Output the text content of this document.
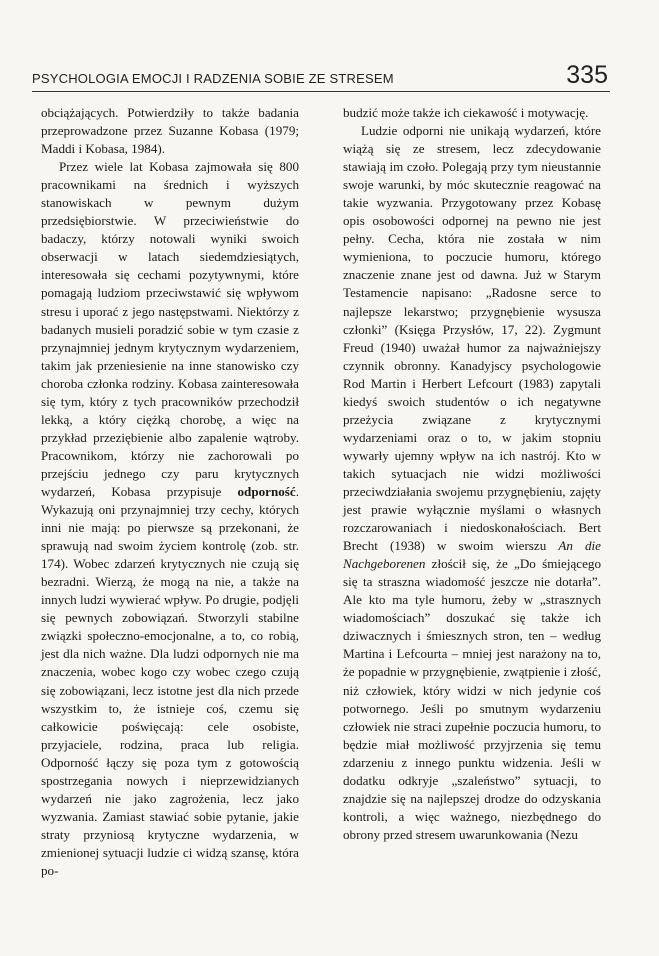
PSYCHOLOGIA EMOCJI I RADZENIA SOBIE ZE STRESEM	335

obciążających. Potwierdziły to także badania przeprowadzone przez Suzanne Kobasa (1979; Maddi i Kobasa, 1984).

Przez wiele lat Kobasa zajmowała się 800 pracownikami na średnich i wyższych stanowiskach w pewnym dużym przedsiębiorstwie. W przeciwieństwie do badaczy, którzy notowali wyniki swoich obserwacji w latach siedemdziesiątych, interesowała się cechami pozytywnymi, które pomagają ludziom przeciwstawić się wpływom stresu i uporać z jego następstwami. Niektórzy z badanych musieli poradzić sobie w tym czasie z przynajmniej jednym krytycznym wydarzeniem, takim jak przeniesienie na inne stanowisko czy choroba członka rodziny. Kobasa zainteresowała się tym, który z tych pracowników przechodził lekką, a który ciężką chorobę, a więc na przykład przeziębienie albo zapalenie wątroby. Pracownikom, którzy nie zachorowali po przejściu jednego czy paru krytycznych wydarzeń, Kobasa przypisuje odporność. Wykazują oni przynajmniej trzy cechy, których inni nie mają: po pierwsze są przekonani, że sprawują nad swoim życiem kontrolę (zob. str. 174). Wobec zdarzeń krytycznych nie czują się bezradni. Wierzą, że mogą na nie, a także na innych ludzi wywierać wpływ. Po drugie, podjęli się pewnych zobowiązań. Stworzyli stabilne związki społeczno-emocjonalne, a to, co robią, jest dla nich ważne. Dla ludzi odpornych nie ma znaczenia, wobec kogo czy wobec czego czują się zobowiązani, lecz istotne jest dla nich przede wszystkim to, że istnieje coś, czemu się całkowicie poświęcają: cele osobiste, przyjaciele, rodzina, praca lub religia. Odporność łączy się poza tym z gotowością spostrzegania nowych i nieprzewidzianych wydarzeń nie jako zagrożenia, lecz jako wyzwania. Zamiast stawiać sobie pytanie, jakie straty przyniosą krytyczne wydarzenia, w zmienionej sytuacji ludzie ci widzą szansę, która po-

budzić może także ich ciekawość i motywację.

Ludzie odporni nie unikają wydarzeń, które wiążą się ze stresem, lecz zdecydowanie stawiają im czoło. Polegają przy tym nieustannie swoje warunki, by móc skutecznie reagować na takie wyzwania. Przygotowany przez Kobasę opis osobowości odpornej na pewno nie jest pełny. Cecha, która nie została w nim wymieniona, to poczucie humoru, którego znaczenie znane jest od dawna. Już w Starym Testamencie napisano: „Radosne serce to najlepsze lekarstwo; przygnębienie wysusza członki” (Księga Przysłów, 17, 22). Zygmunt Freud (1940) uważał humor za najważniejszy czynnik obronny. Kanadyjscy psychologowie Rod Martin i Herbert Lefcourt (1983) zapytali kiedyś swoich studentów o ich negatywne przeżycia związane z krytycznymi wydarzeniami oraz o to, w jakim stopniu wywarły ujemny wpływ na ich nastrój. Kto w takich sytuacjach nie widzi możliwości przeciwdziałania swojemu przygnębieniu, zajęty jest prawie wyłącznie myślami o własnych rozczarowaniach i niedoskonałościach. Bert Brecht (1938) w swoim wierszu An die Nachgeborenen złościł się, że „Do śmiejącego się ta straszna wiadomość jeszcze nie dotarła”. Ale kto ma tyle humoru, żeby w „strasznych wiadomościach” doszukać się także ich dziwacznych i śmiesznych stron, ten – według Martina i Lefcourta – mniej jest narażony na to, że popadnie w przygnębienie, zwątpienie i złość, niż człowiek, który widzi w nich jedynie coś potwornego. Jeśli po smutnym wydarzeniu człowiek nie straci zupełnie poczucia humoru, to będzie miał możliwość przyjrzenia się temu zdarzeniu z innego punktu widzenia. Jeśli w dodatku odkryje „szaleństwo” sytuacji, to znajdzie się na najlepszej drodze do odzyskania kontroli, a więc ważnego, niezbędnego do obrony przed stresem uwarunkowania (Nezu
